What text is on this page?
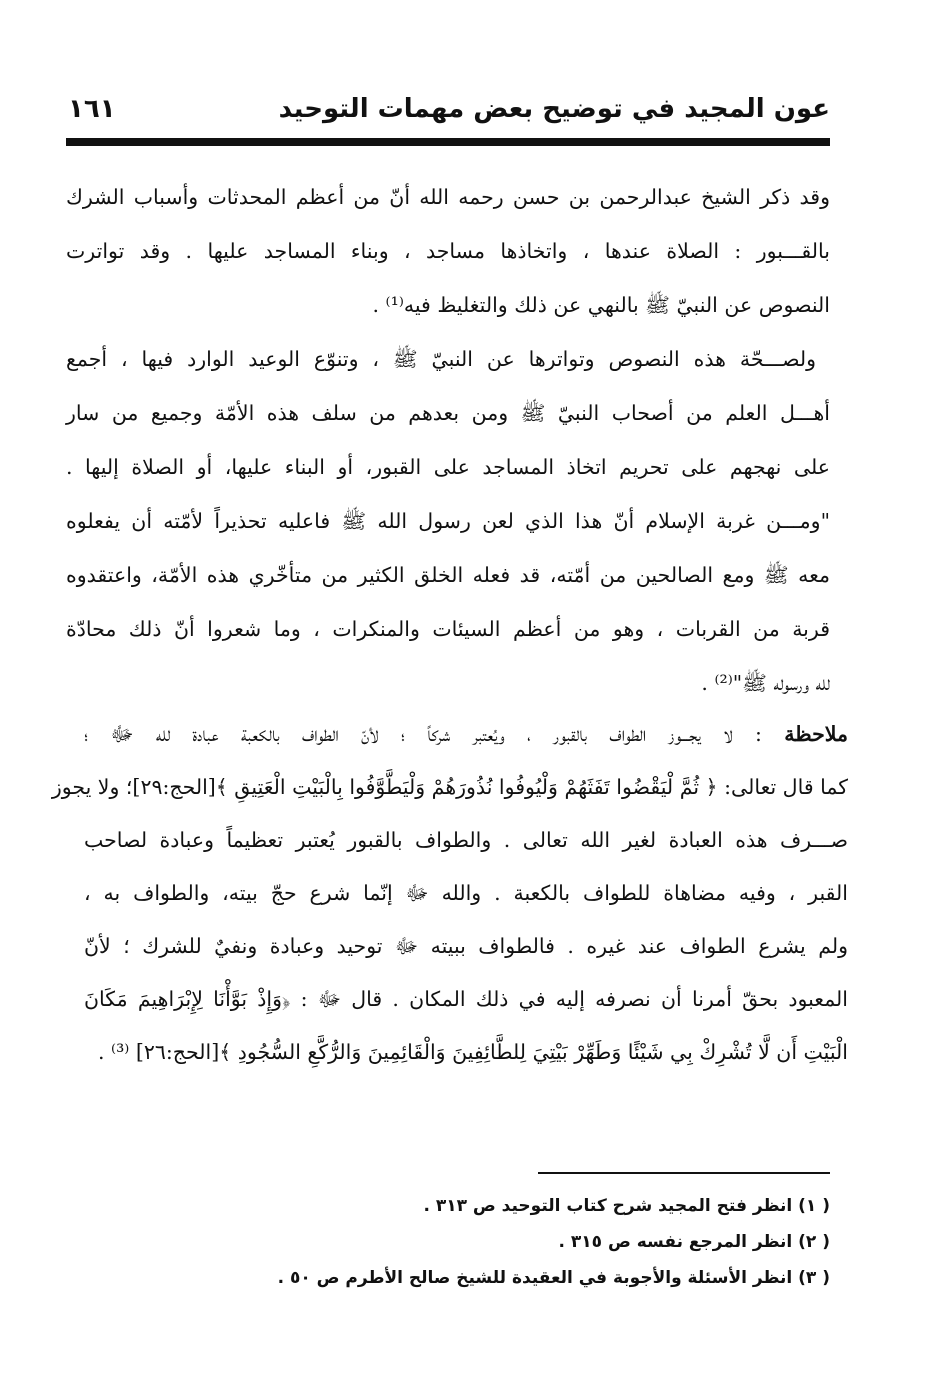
عون المجيد في توضيح بعض مهمات التوحيد
١٦١
وقد ذكر الشيخ عبدالرحمن بن حسن رحمه الله أنّ من أعظم المحدثات وأسباب الشرك
بالقـــبور : الصلاة عندها ، واتخاذها مساجد ، وبناء المساجد عليها . وقد تواترت
النصوص عن النبيّ ﷺ بالنهي عن ذلك والتغليظ فيه⁽¹⁾ .
ولصـــحّة هذه النصوص وتواترها عن النبيّ ﷺ ، وتنوّع الوعيد الوارد فيها ، أجمع
أهـــل العلم من أصحاب النبيّ ﷺ ومن بعدهم من سلف هذه الأمّة وجميع من سار
على نهجهم على تحريم اتخاذ المساجد على القبور، أو البناء عليها، أو الصلاة إليها .
"ومـــن غربة الإسلام أنّ هذا الذي لعن رسول الله ﷺ فاعليه تحذيراً لأمّته أن يفعلوه
معه ﷺ ومع الصالحين من أمّته، قد فعله الخلق الكثير من متأخّري هذه الأمّة، واعتقدوه
قربة من القربات ، وهو من أعظم السيئات والمنكرات ، وما شعروا أنّ ذلك محادّة
لله ورسوله ﷺ"⁽²⁾ .
ملاحظة : لا يجـــوز الطواف بالقبور ، ويُعتبر شركاً ؛ لأنّ الطواف بالكعبة عبادة لله ﷻ ؛
كما قال تعالى: ﴿ ثُمَّ لْيَقْضُوا تَفَثَهُمْ وَلْيُوفُوا نُذُورَهُمْ وَلْيَطَّوَّفُوا بِالْبَيْتِ الْعَتِيقِ ﴾[الحج:٢٩]؛ ولا يجوز
صـــرف هذه العبادة لغير الله تعالى . والطواف بالقبور يُعتبر تعظيماً وعبادة لصاحب
القبر ، وفيه مضاهاة للطواف بالكعبة . والله ﷻ إنّما شرع حجّ بيته، والطواف به ،
ولم يشرع الطواف عند غيره . فالطواف ببيته ﷻ توحيد وعبادة ونفيٌ للشرك ؛ لأنّ
المعبود بحقّ أمرنا أن نصرفه إليه في ذلك المكان . قال ﷻ : ﴿وَإِذْ بَوَّأْنَا لِإِبْرَاهِيمَ مَكَانَ
الْبَيْتِ أَن لَّا تُشْرِكْ بِي شَيْئًا وَطَهِّرْ بَيْتِيَ لِلطَّائِفِينَ وَالْقَائِمِينَ وَالرُّكَّعِ السُّجُودِ ﴾[الحج:٢٦] ⁽³⁾ .
( ١) انظر فتح المجيد شرح كتاب التوحيد ص ٣١٣ .
( ٢) انظر المرجع نفسه ص ٣١٥ .
( ٣) انظر الأسئلة والأجوبة في العقيدة للشيخ صالح الأطرم ص ٥٠ .
